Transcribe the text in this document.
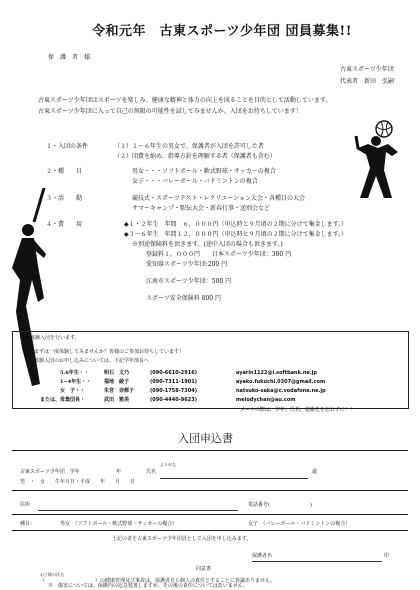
令和元年　古東スポーツ少年団 団員募集!!
保　護　者　様
古東スポーツ少年団
代表者　新田　弘嗣
古東スポーツ少年団はスポーツを楽しみ、健康な精神と体力の向上を図ることを目的として活動しています。
古東スポーツ少年団に入って自己の無限の可能性を試してみませんか。入団をお待ちしています！
１・入団の条件	（１）１～６年生の男女で、保護者が入団を許可した者
（２）団費を納め、指導方針を理解する者（保護者も含む）
２・種　　目	男女・・・ソフトボール・軟式野球・サッカーの複合
女子・・・バレーボール・バドミントンの複合
３・活　　動	競技式・スポーツテスト・レクリエーション大会・各種目の大会
サマーキャンプ・駅伝大会・新春行事・送別会など
４・費　　用	◆１・２年生　年間　６，０００円（申込時と９月頃の２期に分けて集金します。）
◆３～６年生　年間１２，０００円（申込時と９月頃の２期に分けて集金します。）
※別途保険料を頂きます。(途中入団の場合も頂きます。)
登録料１，０００円　　日本スポーツ少年団：300 円
愛知県スポーツ少年団:200 円
江南市スポーツ少年団：500 円
スポーツ安全保険料 800 円
随時体験入団を行います。
まずは一度体験してみませんか？皆様のご参加お待ちしています！
体験入団のお申し込みについては、下記学年部長へ
5.6年生・・	明石　文乃	(090-6610-2916)	ayarin1122@i.softbank.ne.jp
1~4年生・・	福地　綾子	(090-7311-1901)	ayako.fukuchi.0307@gmail.com
女　子・・	朱宮　奈都子	(090-1758-7304)	natsuko-saka@c.vodafone.ne.jp
または、母集団長・	武田　雅美	(090-4440-9623)	melodychan@au.com
メールの際は、学年、氏名、連絡先を忘れずに！！
入団申込書
古東スポーツ少年団　学年	年
ふりがな
氏名	歳
男　・　女　　生年月日・平成　　年　　月　　日
住所	電話番号(　　　　　　　　)
種目：	男女　（ソフトボール・軟式野球・サッカーの複合）	女子　（バレーボール・バドミントンの複合）
上記の者を古東スポーツ少年団員として入団を申し込みます。
保護者名	印
同意書
お子様の氏名
（　　　　　　　　　　）の健康管理及び事故は、保護者自ら個人の責任とすることに異議ありません。
※　傷害については、保険内の応急処置しますが、その後の責任については負いません。
